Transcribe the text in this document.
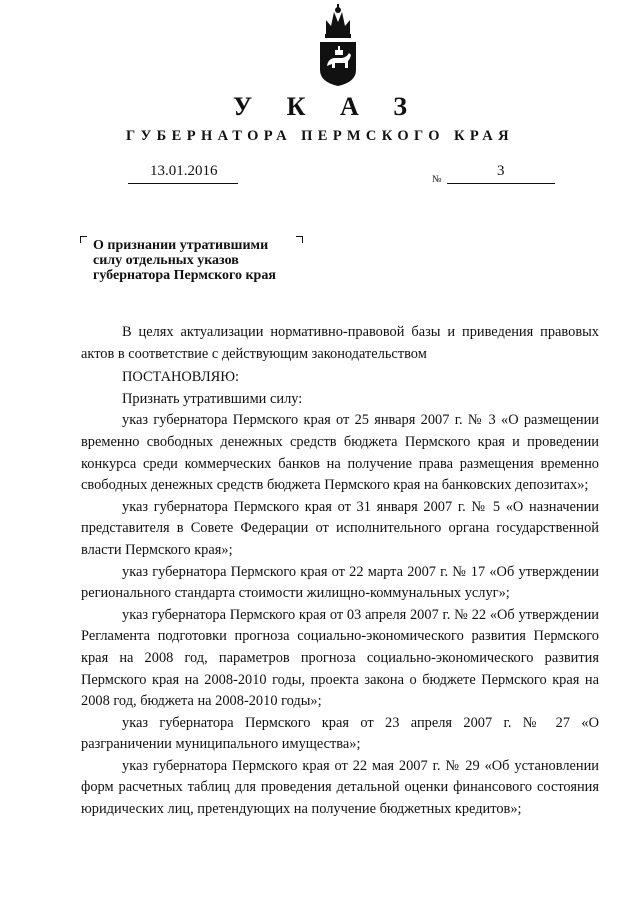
У К А З
ГУБЕРНАТОРА ПЕРМСКОГО КРАЯ
13.01.2016
№
3
О признании утратившими
силу отдельных указов
губернатора Пермского края

В целях актуализации нормативно-правовой базы и приведения правовых актов в соответствие с действующим законодательством

ПОСТАНОВЛЯЮ:

Признать утратившими силу:

указ губернатора Пермского края от 25 января 2007 г. № 3 «О размещении временно свободных денежных средств бюджета Пермского края и проведении конкурса среди коммерческих банков на получение права размещения временно свободных денежных средств бюджета Пермского края на банковских депозитах»;

указ губернатора Пермского края от 31 января 2007 г. № 5 «О назначении представителя в Совете Федерации от исполнительного органа государственной власти Пермского края»;

указ губернатора Пермского края от 22 марта 2007 г. № 17 «Об утверждении регионального стандарта стоимости жилищно-коммунальных услуг»;

указ губернатора Пермского края от 03 апреля 2007 г. № 22 «Об утверждении Регламента подготовки прогноза социально-экономического развития Пермского края на 2008 год, параметров прогноза социально-экономического развития Пермского края на 2008-2010 годы, проекта закона о бюджете Пермского края на 2008 год, бюджета на 2008-2010 годы»;

указ губернатора Пермского края от 23 апреля 2007 г. № 27 «О разграничении муниципального имущества»;

указ губернатора Пермского края от 22 мая 2007 г. № 29 «Об установлении форм расчетных таблиц для проведения детальной оценки финансового состояния юридических лиц, претендующих на получение бюджетных кредитов»;
